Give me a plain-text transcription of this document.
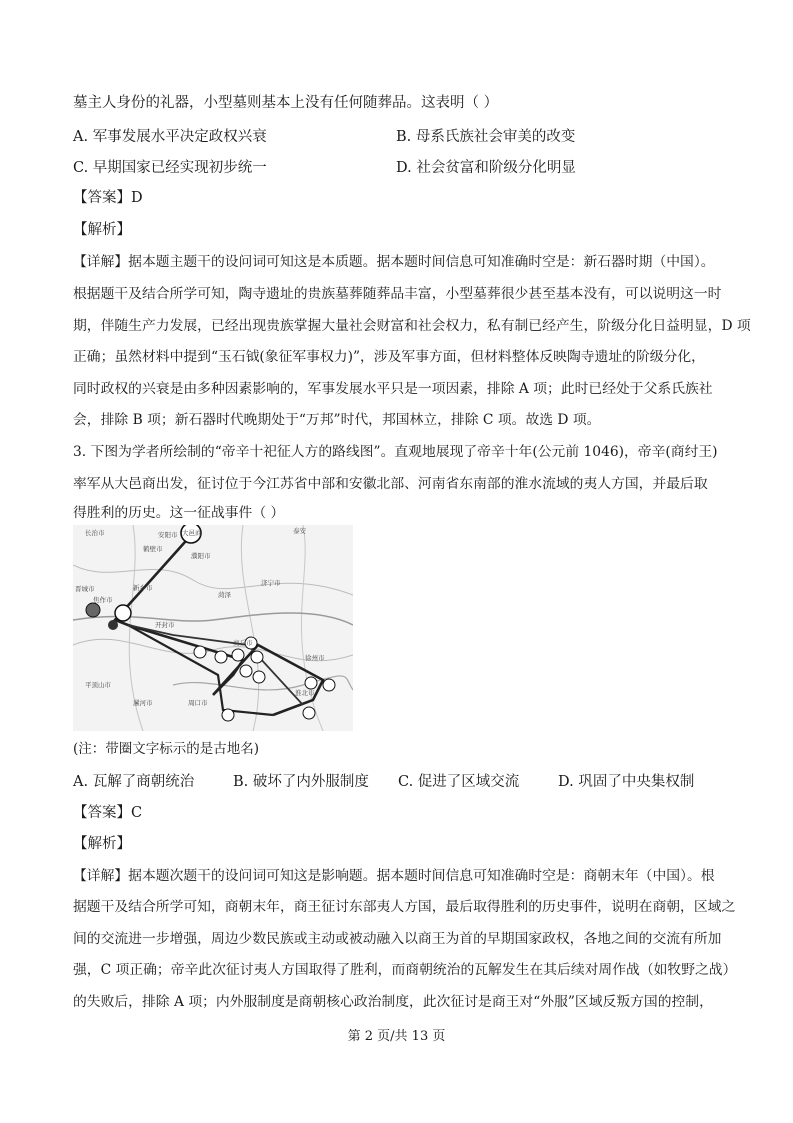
墓主人身份的礼器，小型墓则基本上没有任何随葬品。这表明（ ）
A. 军事发展水平决定政权兴衰	B. 母系氏族社会审美的改变
C. 早期国家已经实现初步统一	D. 社会贫富和阶级分化明显
【答案】D
【解析】
【详解】据本题主题干的设问词可知这是本质题。据本题时间信息可知准确时空是：新石器时期（中国）。
根据题干及结合所学可知，陶寺遗址的贵族墓葬随葬品丰富，小型墓葬很少甚至基本没有，可以说明这一时
期，伴随生产力发展，已经出现贵族掌握大量社会财富和社会权力，私有制已经产生，阶级分化日益明显，D 项
正确；虽然材料中提到“玉石钺(象征军事权力)”，涉及军事方面，但材料整体反映陶寺遗址的阶级分化，
同时政权的兴衰是由多种因素影响的，军事发展水平只是一项因素，排除 A 项；此时已经处于父系氏族社
会，排除 B 项；新石器时代晚期处于“万邦”时代，邦国林立，排除 C 项。故选 D 项。
3. 下图为学者所绘制的“帝辛十祀征人方的路线图”。直观地展现了帝辛十年(公元前 1046)，帝辛(商纣王)
率军从大邑商出发，征讨位于今江苏省中部和安徽北部、河南省东南部的淮水流域的夷人方国，并最后取
得胜利的历史。这一征战事件（ ）
长治市	安阳市 大邑商
鹤壁市
濮阳市
泰安
晋城市	新乡市
济宁市
焦作市
菏泽
开封市
商丘市
徐州市
平顶山市
漯河市	周口市
淮北市
(注：带圈文字标示的是古地名)
A. 瓦解了商朝统治	B. 破坏了内外服制度 C. 促进了区域交流	D. 巩固了中央集权制
【答案】C
【解析】
【详解】据本题次题干的设问词可知这是影响题。据本题时间信息可知准确时空是：商朝末年（中国）。根
据题干及结合所学可知，商朝末年，商王征讨东部夷人方国，最后取得胜利的历史事件，说明在商朝，区域之
间的交流进一步增强，周边少数民族或主动或被动融入以商王为首的早期国家政权，各地之间的交流有所加
强，C 项正确；帝辛此次征讨夷人方国取得了胜利，而商朝统治的瓦解发生在其后续对周作战（如牧野之战）
的失败后，排除 A 项；内外服制度是商朝核心政治制度，此次征讨是商王对“外服”区域反叛方国的控制，
第 2 页/共 13 页
